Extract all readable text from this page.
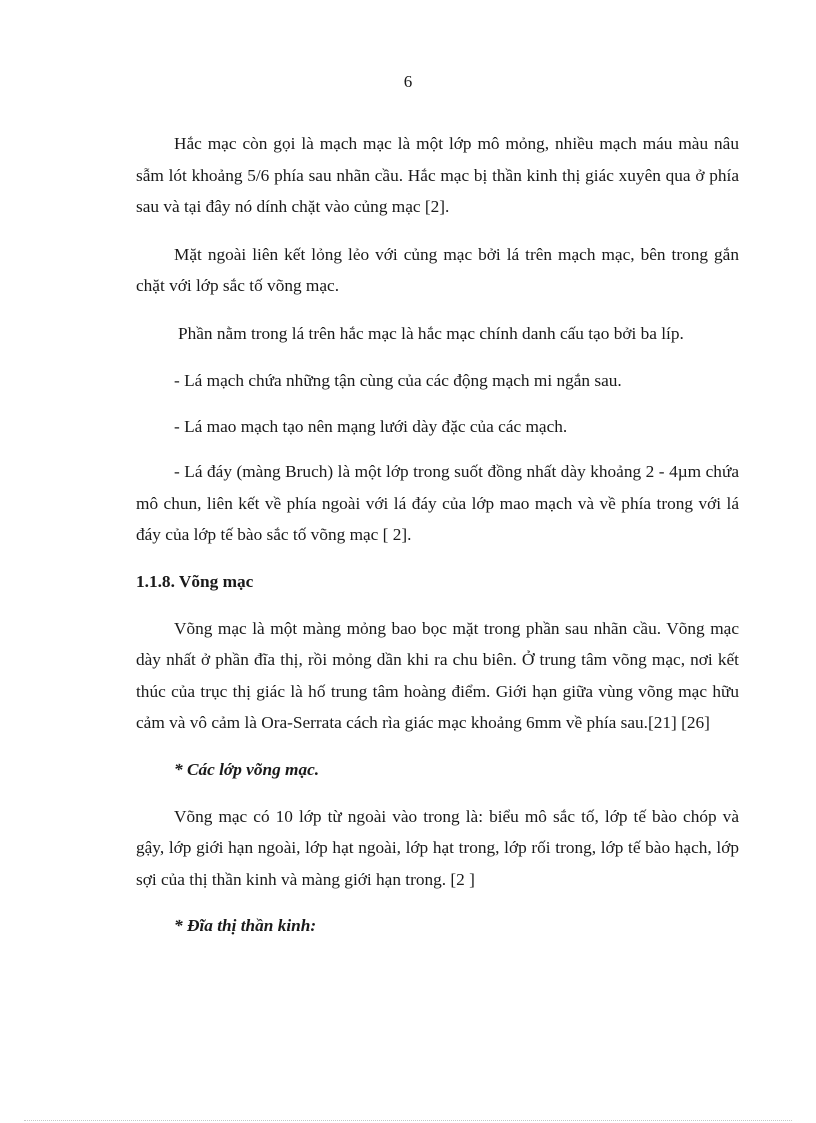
6

Hắc mạc còn gọi là mạch mạc là một lớp mô mỏng, nhiều mạch máu màu nâu sẫm lót khoảng 5/6 phía sau nhãn cầu. Hắc mạc bị thần kinh thị giác xuyên qua ở phía sau và tại đây nó dính chặt vào củng mạc [2].

Mặt ngoài liên kết lỏng lẻo với củng mạc bởi lá trên mạch mạc, bên trong gắn chặt với lớp sắc tố võng mạc.

Phần nằm trong lá trên hắc mạc là hắc mạc chính danh cấu tạo bởi ba líp.

- Lá mạch chứa những tận cùng của các động mạch mi ngắn sau.

- Lá mao mạch tạo nên mạng lưới dày đặc của các mạch.

- Lá đáy (màng Bruch) là một lớp trong suốt đồng nhất dày khoảng 2 - 4µm chứa mô chun, liên kết về phía ngoài với lá đáy của lớp mao mạch và về phía trong với lá đáy của lớp tế bào sắc tố võng mạc [ 2].

1.1.8. Võng mạc

Võng mạc là một màng mỏng bao bọc mặt trong phần sau nhãn cầu. Võng mạc dày nhất ở phần đĩa thị, rồi mỏng dần khi ra chu biên. Ở trung tâm võng mạc, nơi kết thúc của trục thị giác là hố trung tâm hoàng điểm. Giới hạn giữa vùng võng mạc hữu cảm và vô cảm là Ora-Serrata cách rìa giác mạc khoảng 6mm về phía sau.[21] [26]

* Các lớp võng mạc.

Võng mạc có 10 lớp từ ngoài vào trong là: biểu mô sắc tố, lớp tế bào chóp và gậy, lớp giới hạn ngoài, lớp hạt ngoài, lớp hạt trong, lớp rối trong, lớp tế bào hạch, lớp sợi của thị thần kinh và màng giới hạn trong. [2 ]

* Đĩa thị thần kinh:
